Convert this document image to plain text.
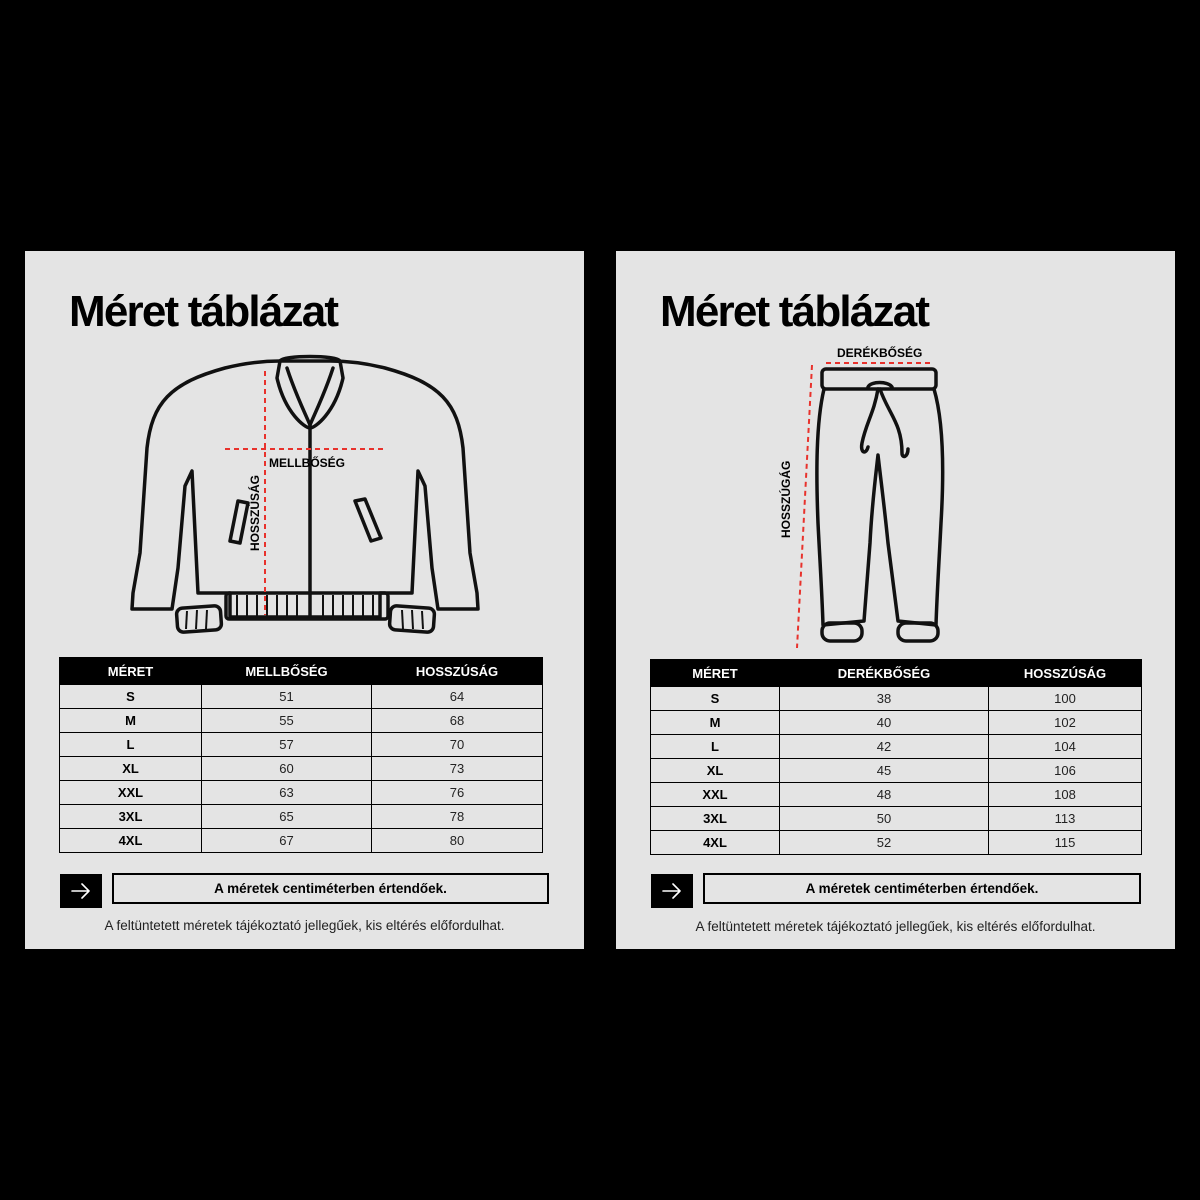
Méret táblázat
MELLBŐSÉG
HOSSZÚSÁG
MÉRET	MELLBŐSÉG	HOSSZÚSÁG
S	51	64
M	55	68
L	57	70
XL	60	73
XXL	63	76
3XL	65	78
4XL	67	80
A méretek centiméterben értendőek.
A feltüntetett méretek tájékoztató jellegűek, kis eltérés előfordulhat.
Méret táblázat
DERÉKBŐSÉG
HOSSZÚGÁG
MÉRET	DERÉKBŐSÉG	HOSSZÚSÁG
S	38	100
M	40	102
L	42	104
XL	45	106
XXL	48	108
3XL	50	113
4XL	52	115
A méretek centiméterben értendőek.
A feltüntetett méretek tájékoztató jellegűek, kis eltérés előfordulhat.
